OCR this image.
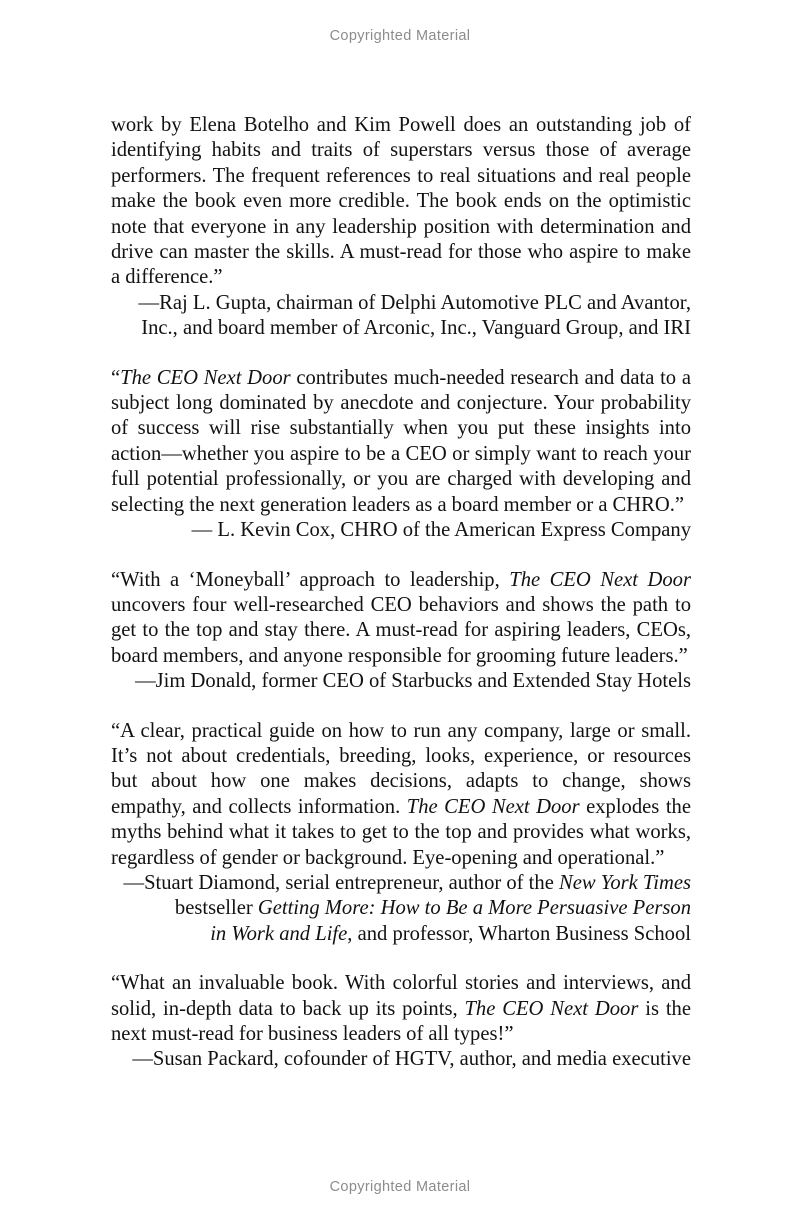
Copyrighted Material

work by Elena Botelho and Kim Powell does an outstanding job of identifying habits and traits of superstars versus those of average performers. The frequent references to real situations and real people make the book even more credible. The book ends on the optimistic note that everyone in any leadership position with determination and drive can master the skills. A must-read for those who aspire to make a difference.”

—Raj L. Gupta, chairman of Delphi Automotive PLC and Avantor,
Inc., and board member of Arconic, Inc., Vanguard Group, and IRI

“The CEO Next Door contributes much-needed research and data to a subject long dominated by anecdote and conjecture. Your probability of success will rise substantially when you put these insights into action—whether you aspire to be a CEO or simply want to reach your full potential professionally, or you are charged with developing and selecting the next generation leaders as a board member or a CHRO.”

— L. Kevin Cox, CHRO of the American Express Company

“With a ‘Moneyball’ approach to leadership, The CEO Next Door uncovers four well-researched CEO behaviors and shows the path to get to the top and stay there. A must-read for aspiring leaders, CEOs, board members, and anyone responsible for grooming future leaders.”

—Jim Donald, former CEO of Starbucks and Extended Stay Hotels

“A clear, practical guide on how to run any company, large or small. It’s not about credentials, breeding, looks, experience, or resources but about how one makes decisions, adapts to change, shows empathy, and collects information. The CEO Next Door explodes the myths behind what it takes to get to the top and provides what works, regardless of gender or background. Eye-opening and operational.”

—Stuart Diamond, serial entrepreneur, author of the New York Times
bestseller Getting More: How to Be a More Persuasive Person
in Work and Life, and professor, Wharton Business School

“What an invaluable book. With colorful stories and interviews, and solid, in-depth data to back up its points, The CEO Next Door is the next must-read for business leaders of all types!”

—Susan Packard, cofounder of HGTV, author, and media executive

Copyrighted Material
